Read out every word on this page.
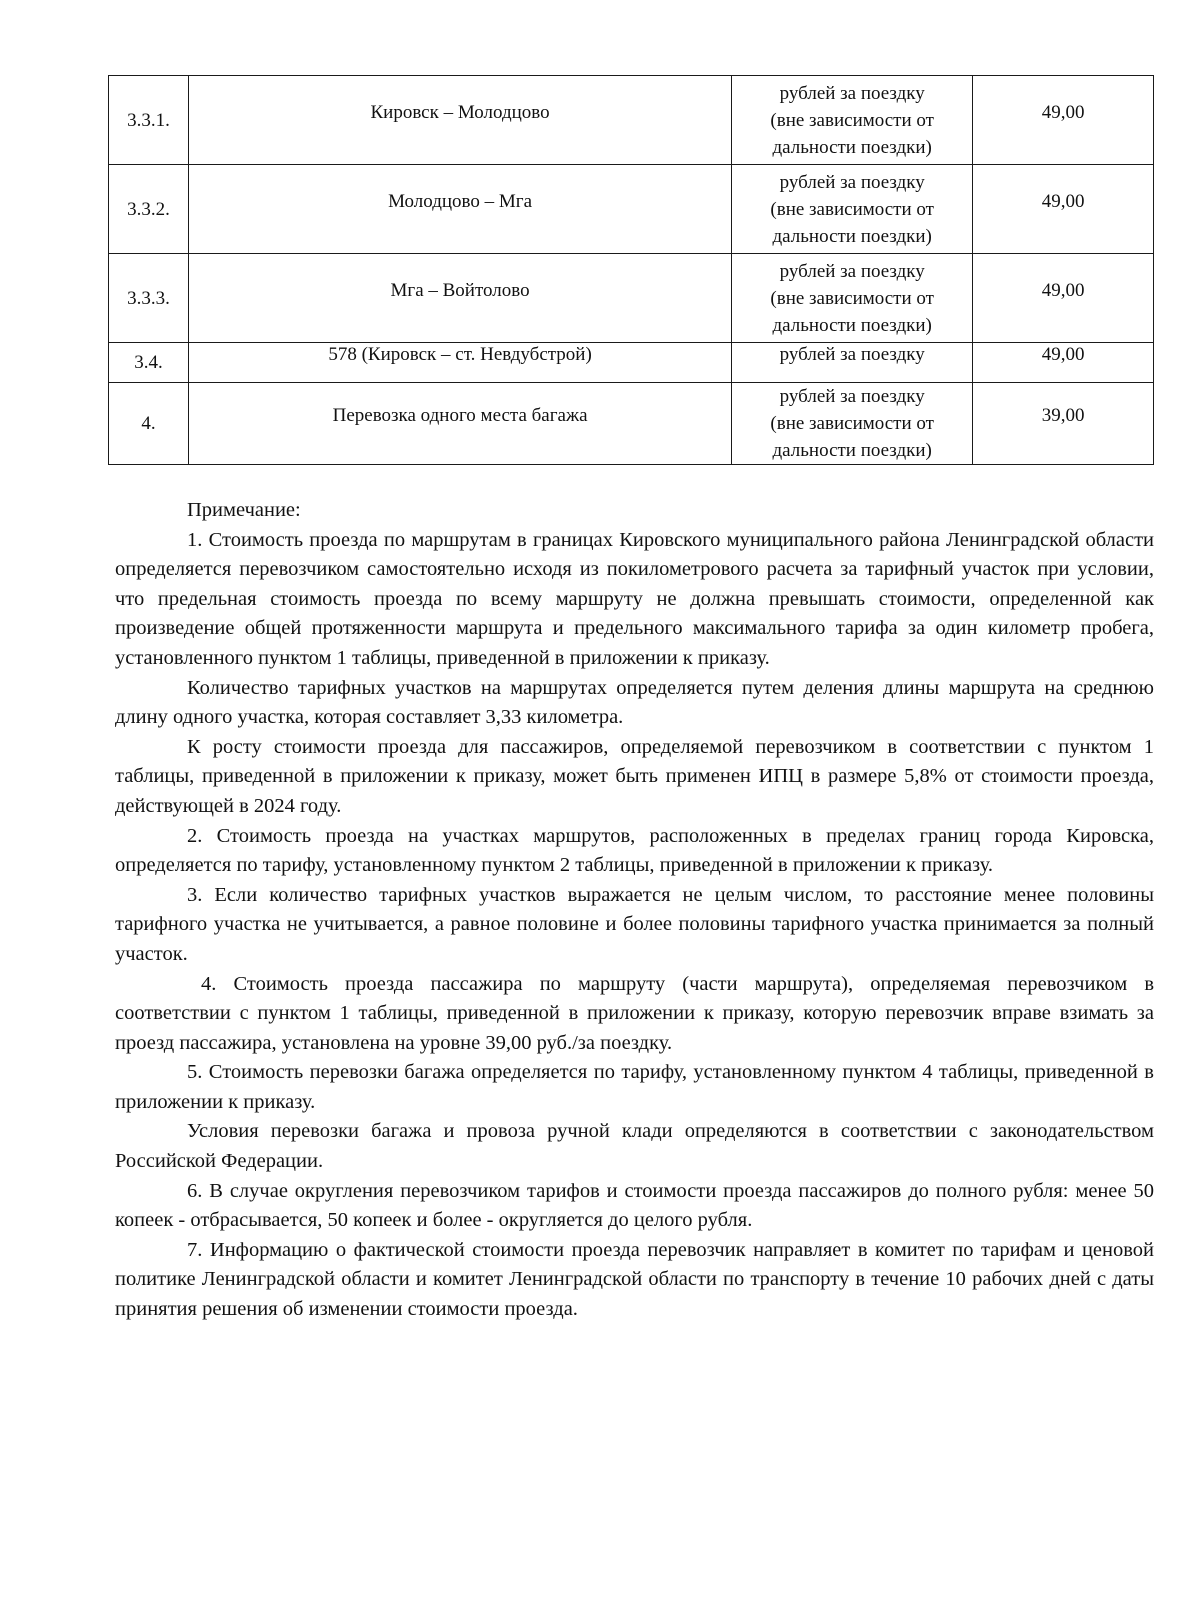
3.3.1.	Кировск – Молодцово	рублей за поездку
(вне зависимости от
дальности поездки)	49,00

3.3.2.	Молодцово – Мга	рублей за поездку
(вне зависимости от
дальности поездки)	49,00

3.3.3.	Мга – Войтолово	рублей за поездку
(вне зависимости от
дальности поездки)	49,00

3.4.	578 (Кировск – ст. Невдубстрой)	рублей за поездку	49,00

4.	Перевозка одного места багажа	рублей за поездку
(вне зависимости от
дальности поездки)	39,00
Примечание:

1. Стоимость проезда по маршрутам в границах Кировского муниципального района Ленинградской области определяется перевозчиком самостоятельно исходя из покилометрового расчета за тарифный участок при условии, что предельная стоимость проезда по всему маршруту не должна превышать стоимости, определенной как произведение общей протяженности маршрута и предельного максимального тарифа за один километр пробега, установленного пунктом 1 таблицы, приведенной в приложении к приказу.

Количество тарифных участков на маршрутах определяется путем деления длины маршрута на среднюю длину одного участка, которая составляет 3,33 километра.

К росту стоимости проезда для пассажиров, определяемой перевозчиком в соответствии с пунктом 1 таблицы, приведенной в приложении к приказу, может быть применен ИПЦ в размере 5,8% от стоимости проезда, действующей в 2024 году.

2. Стоимость проезда на участках маршрутов, расположенных в пределах границ города Кировска, определяется по тарифу, установленному пунктом 2 таблицы, приведенной в приложении к приказу.

3. Если количество тарифных участков выражается не целым числом, то расстояние менее половины тарифного участка не учитывается, а равное половине и более половины тарифного участка принимается за полный участок.

4. Стоимость проезда пассажира по маршруту (части маршрута), определяемая перевозчиком в соответствии с пунктом 1 таблицы, приведенной в приложении к приказу, которую перевозчик вправе взимать за проезд пассажира, установлена на уровне 39,00 руб./за поездку.

5. Стоимость перевозки багажа определяется по тарифу, установленному пунктом 4 таблицы, приведенной в приложении к приказу.

Условия перевозки багажа и провоза ручной клади определяются в соответствии с законодательством Российской Федерации.

6. В случае округления перевозчиком тарифов и стоимости проезда пассажиров до полного рубля: менее 50 копеек - отбрасывается, 50 копеек и более - округляется до целого рубля.

7. Информацию о фактической стоимости проезда перевозчик направляет в комитет по тарифам и ценовой политике Ленинградской области и комитет Ленинградской области по транспорту в течение 10 рабочих дней с даты принятия решения об изменении стоимости проезда.
